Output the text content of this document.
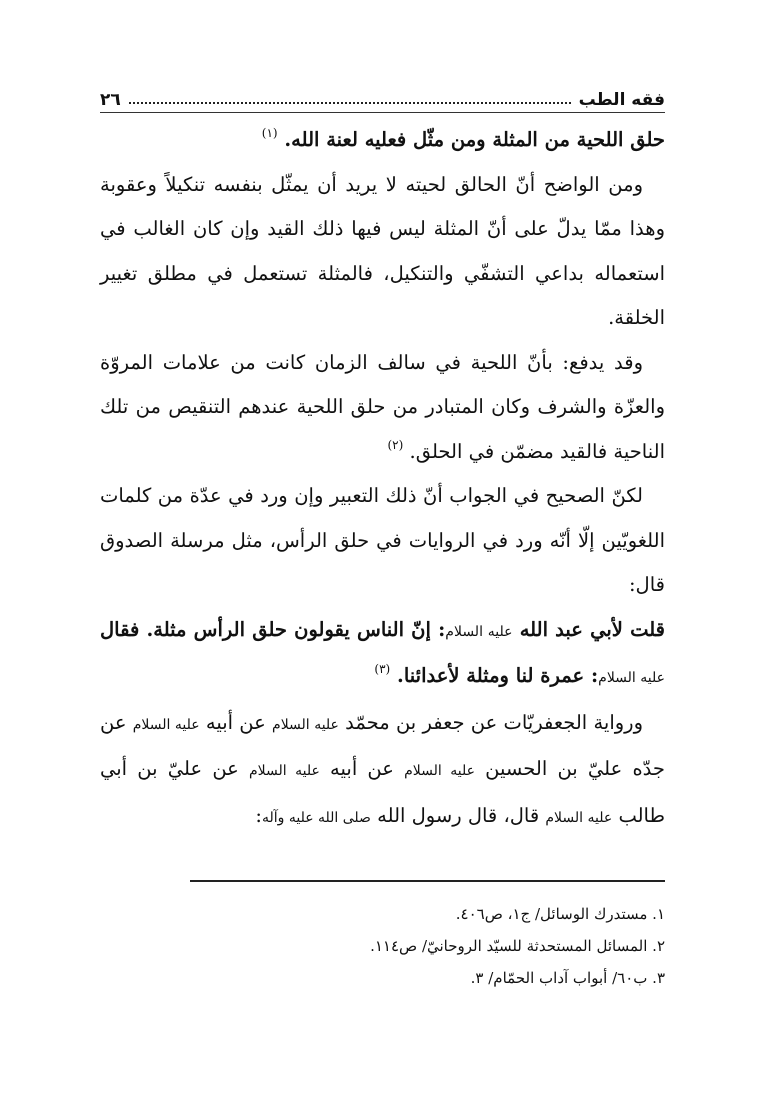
فقه الطب
٢٦

حلق اللحية من المثلة ومن مثّل فعليه لعنة الله. $^{(١)}$

ومن الواضح أنّ الحالق لحيته لا يريد أن يمثّل بنفسه تنكيلاً وعقوبة وهذا ممّا يدلّ على أنّ المثلة ليس فيها ذلك القيد وإن كان الغالب في استعماله بداعي التشفّي والتنكيل، فالمثلة تستعمل في مطلق تغيير الخلقة.

وقد يدفع: بأنّ اللحية في سالف الزمان كانت من علامات المروّة والعزّة والشرف وكان المتبادر من حلق اللحية عندهم التنقيص من تلك الناحية فالقيد مضمّن في الحلق. $^{(٢)}$

لكنّ الصحيح في الجواب أنّ ذلك التعبير وإن ورد في عدّة من كلمات اللغويّين إلّا أنّه ورد في الروايات في حلق الرأس، مثل مرسلة الصدوق قال:

قلت لأبي عبد الله عليه السلام: إنّ الناس يقولون حلق الرأس مثلة. فقال عليه السلام: عمرة لنا ومثلة لأعدائنا. $^{(٣)}$

ورواية الجعفريّات عن جعفر بن محمّد عليه السلام عن أبيه عليه السلام عن جدّه عليّ بن الحسين عليه السلام عن أبيه عليه السلام عن عليّ بن أبي طالب عليه السلام قال، قال رسول الله صلى الله عليه وآله:

١. مستدرك الوسائل/ ج١، ص٤٠٦.

٢. المسائل المستحدثة للسيّد الروحانيّ/ ص١١٤.

٣. ب٦٠/ أبواب آداب الحمّام/ ٣.
